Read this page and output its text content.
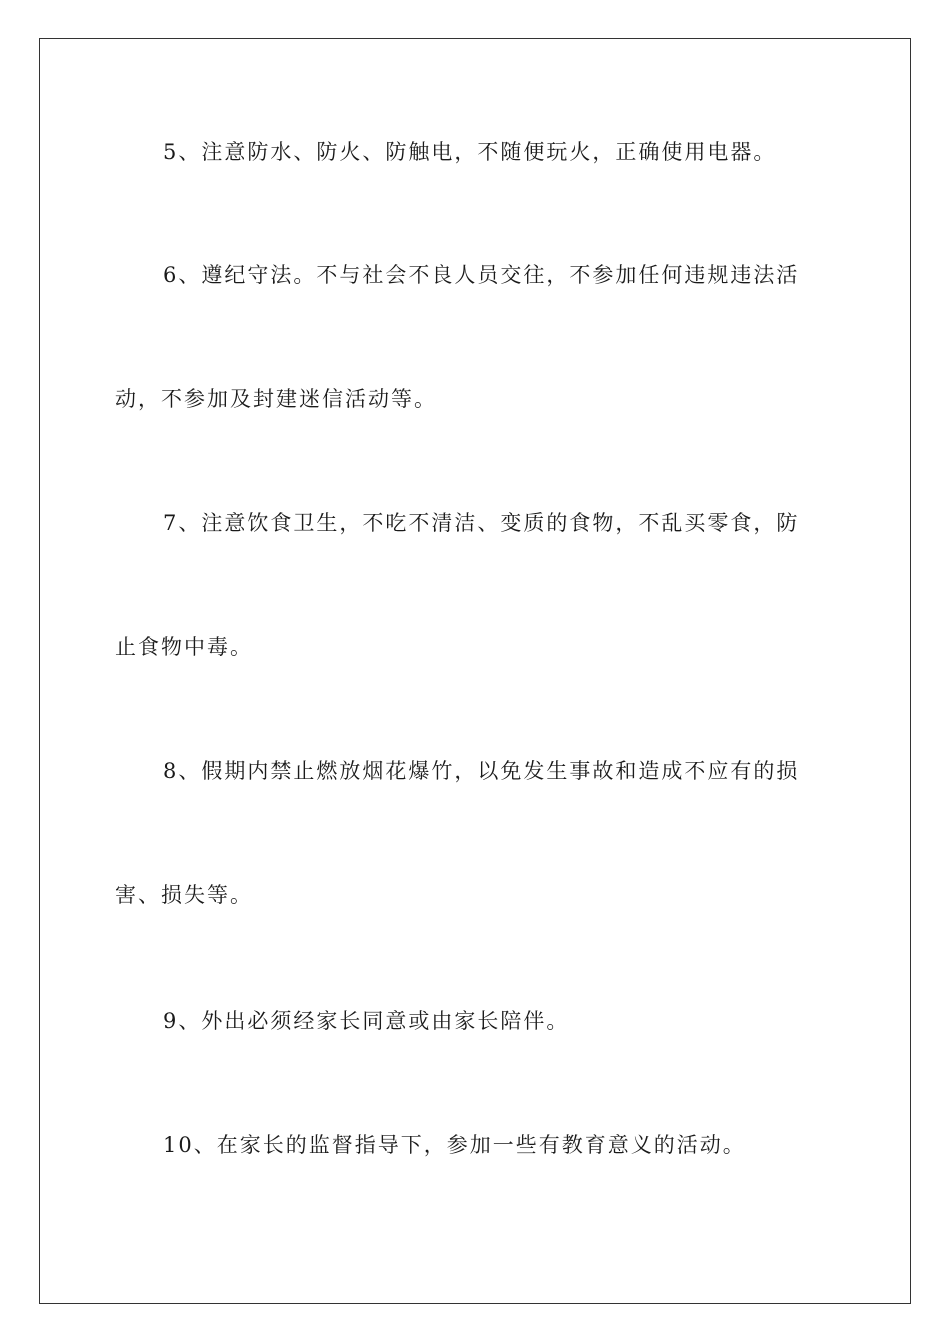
5、注意防水、防火、防触电，不随便玩火，正确使用电器。
6、遵纪守法。不与社会不良人员交往，不参加任何违规违法活
动，不参加及封建迷信活动等。
7、注意饮食卫生，不吃不清洁、变质的食物，不乱买零食，防
止食物中毒。
8、假期内禁止燃放烟花爆竹，以免发生事故和造成不应有的损
害、损失等。
9、外出必须经家长同意或由家长陪伴。
10、在家长的监督指导下，参加一些有教育意义的活动。
